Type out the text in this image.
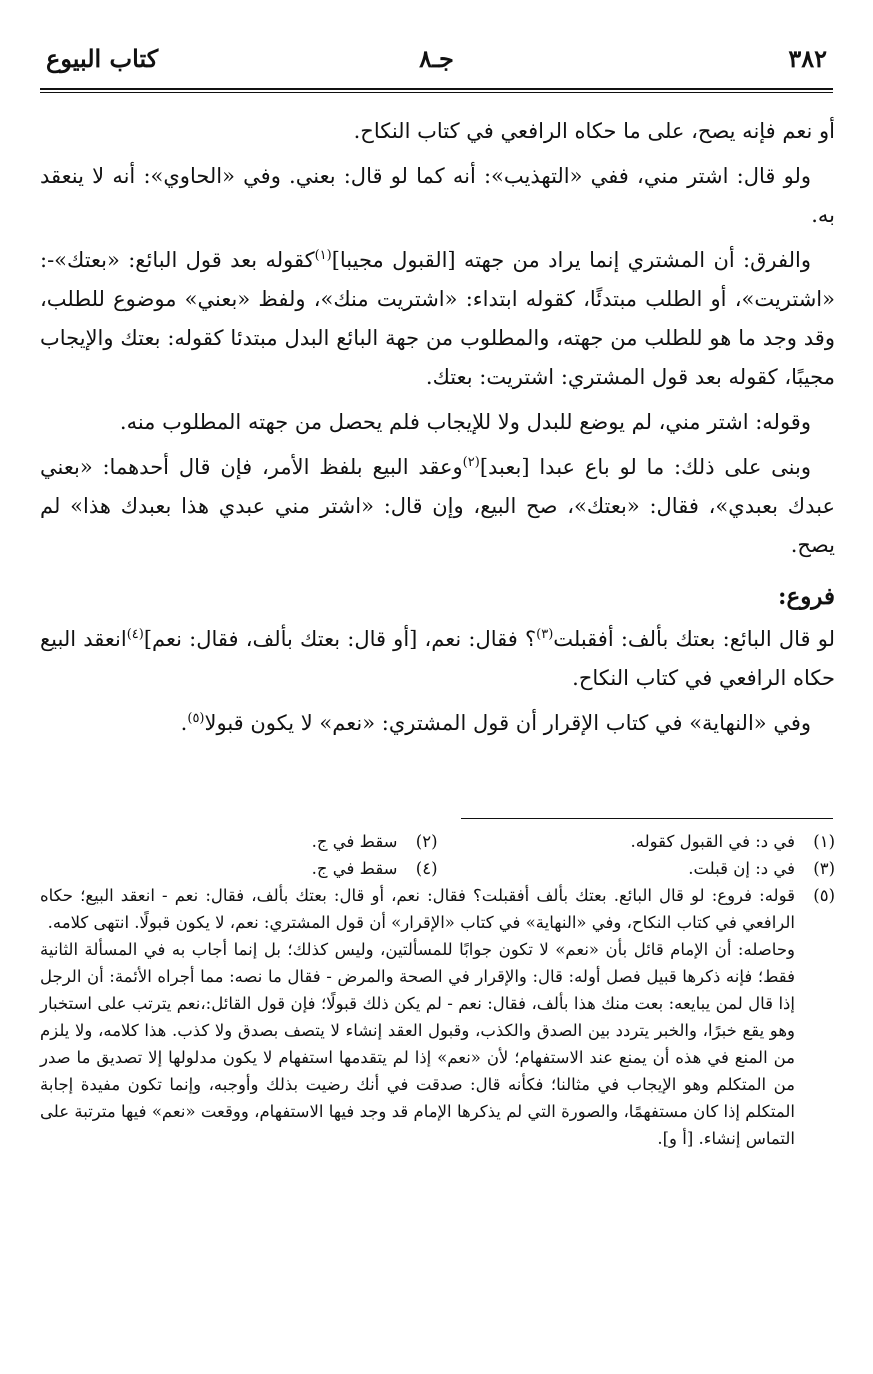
٣٨٢
جـ٨
كتاب البيوع

أو نعم فإنه يصح، على ما حكاه الرافعي في كتاب النكاح.

ولو قال: اشتر مني، ففي «التهذيب»: أنه كما لو قال: بعني. وفي «الحاوي»: أنه لا ينعقد به.

والفرق: أن المشتري إنما يراد من جهته [القبول مجيبا]$^{(١)}$كقوله بعد قول البائع: «بعتك»-: «اشتريت»، أو الطلب مبتدئًا، كقوله ابتداء: «اشتريت منك»، ولفظ «بعني» موضوع للطلب، وقد وجد ما هو للطلب من جهته، والمطلوب من جهة البائع البدل مبتدئا كقوله: بعتك والإيجاب مجيبًا، كقوله بعد قول المشتري: اشتريت: بعتك.

وقوله: اشتر مني، لم يوضع للبدل ولا للإيجاب فلم يحصل من جهته المطلوب منه.

وبنى على ذلك: ما لو باع عبدا [بعبد]$^{(٢)}$وعقد البيع بلفظ الأمر، فإن قال أحدهما: «بعني عبدك بعبدي»، فقال: «بعتك»، صح البيع، وإن قال: «اشتر مني عبدي هذا بعبدك هذا» لم يصح.

فروع:

لو قال البائع: بعتك بألف: أفقبلت$^{(٣)}$؟ فقال: نعم، [أو قال: بعتك بألف، فقال: نعم]$^{(٤)}$انعقد البيع حكاه الرافعي في كتاب النكاح.

وفي «النهاية» في كتاب الإقرار أن قول المشتري: «نعم» لا يكون قبولا$^{(٥)}$.

(١)
في د: في القبول كقوله.
(٢)
سقط في ج.
(٣)
في د: إن قبلت.
(٤)
سقط في ج.
(٥)
قوله: فروع: لو قال البائع. بعتك بألف أفقبلت؟ فقال: نعم، أو قال: بعتك بألف، فقال: نعم - انعقد البيع؛ حكاه الرافعي في كتاب النكاح، وفي «النهاية» في كتاب «الإقرار» أن قول المشتري: نعم، لا يكون قبولًا. انتهى كلامه.
وحاصله: أن الإمام قائل بأن «نعم» لا تكون جوابًا للمسألتين، وليس كذلك؛ بل إنما أجاب به في المسألة الثانية فقط؛ فإنه ذكرها قبيل فصل أوله: قال: والإقرار في الصحة والمرض - فقال ما نصه: مما أجراه الأئمة: أن الرجل إذا قال لمن يبايعه: بعت منك هذا بألف، فقال: نعم - لم يكن ذلك قبولًا؛ فإن قول القائل:،نعم يترتب على استخبار وهو يقع خبرًا، والخبر يتردد بين الصدق والكذب، وقبول العقد إنشاء لا يتصف بصدق ولا كذب. هذا كلامه، ولا يلزم من المنع في هذه أن يمنع عند الاستفهام؛ لأن «نعم» إذا لم يتقدمها استفهام لا يكون مدلولها إلا تصديق ما صدر من المتكلم وهو الإيجاب في مثالنا؛ فكأنه قال: صدقت في أنك رضيت بذلك وأوجبه، وإنما تكون مفيدة إجابة المتكلم إذا كان مستفهمًا، والصورة التي لم يذكرها الإمام قد وجد فيها الاستفهام، ووقعت «نعم» فيها مترتبة على التماس إنشاء. [أ و].
